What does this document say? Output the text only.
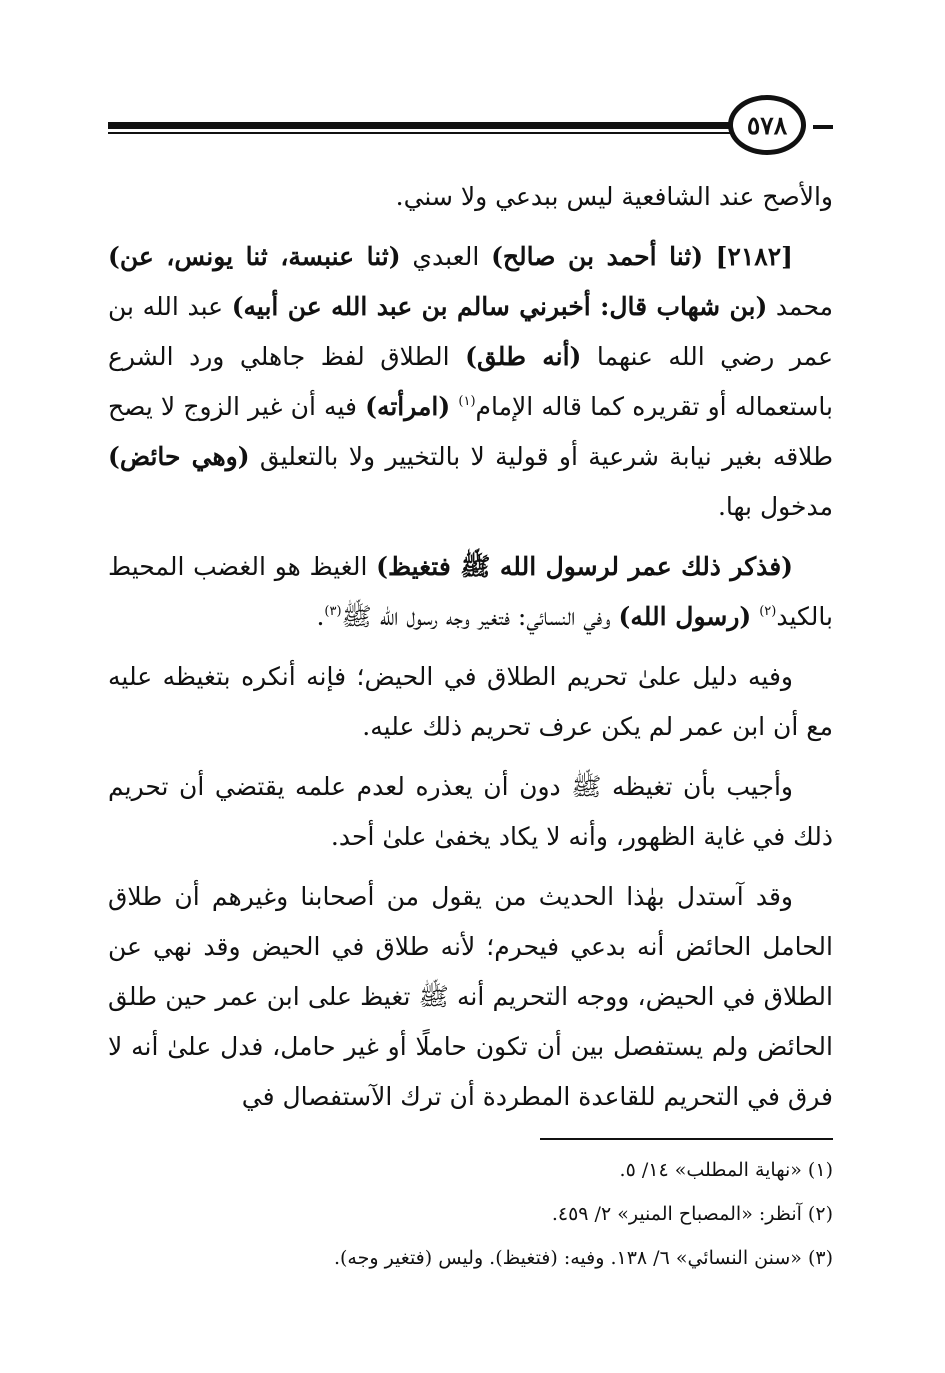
٥٧٨

والأصح عند الشافعية ليس ببدعي ولا سني.

[٢١٨٢] (ثنا أحمد بن صالح) العبدي (ثنا عنبسة، ثنا يونس، عن) محمد (بن شهاب قال: أخبرني سالم بن عبد الله عن أبيه) عبد الله بن عمر رضي الله عنهما (أنه طلق) الطلاق لفظ جاهلي ورد الشرع باستعماله أو تقريره كما قاله الإمام$^{(١)}$ (امرأته) فيه أن غير الزوج لا يصح طلاقه بغير نيابة شرعية أو قولية لا بالتخيير ولا بالتعليق (وهي حائض) مدخول بها.

(فذكر ذلك عمر لرسول الله ﷺ فتغيظ) الغيظ هو الغضب المحيط بالكيد$^{(٢)}$ (رسول الله) وفي النسائي: فتغير وجه رسول الله ﷺ$^{(٣)}$.

وفيه دليل علىٰ تحريم الطلاق في الحيض؛ فإنه أنكره بتغيظه عليه مع أن ابن عمر لم يكن عرف تحريم ذلك عليه.

وأجيب بأن تغيظه ﷺ دون أن يعذره لعدم علمه يقتضي أن تحريم ذلك في غاية الظهور، وأنه لا يكاد يخفىٰ علىٰ أحد.

وقد آستدل بهٰذا الحديث من يقول من أصحابنا وغيرهم أن طلاق الحامل الحائض أنه بدعي فيحرم؛ لأنه طلاق في الحيض وقد نهي عن الطلاق في الحيض، ووجه التحريم أنه ﷺ تغيظ على ابن عمر حين طلق الحائض ولم يستفصل بين أن تكون حاملًا أو غير حامل، فدل علىٰ أنه لا فرق في التحريم للقاعدة المطردة أن ترك الآستفصال في

(١) «نهاية المطلب» ١٤/ ٥.
(٢) آنظر: «المصباح المنير» ٢/ ٤٥٩.
(٣) «سنن النسائي» ٦/ ١٣٨. وفيه: (فتغيظ). وليس (فتغير وجه).
